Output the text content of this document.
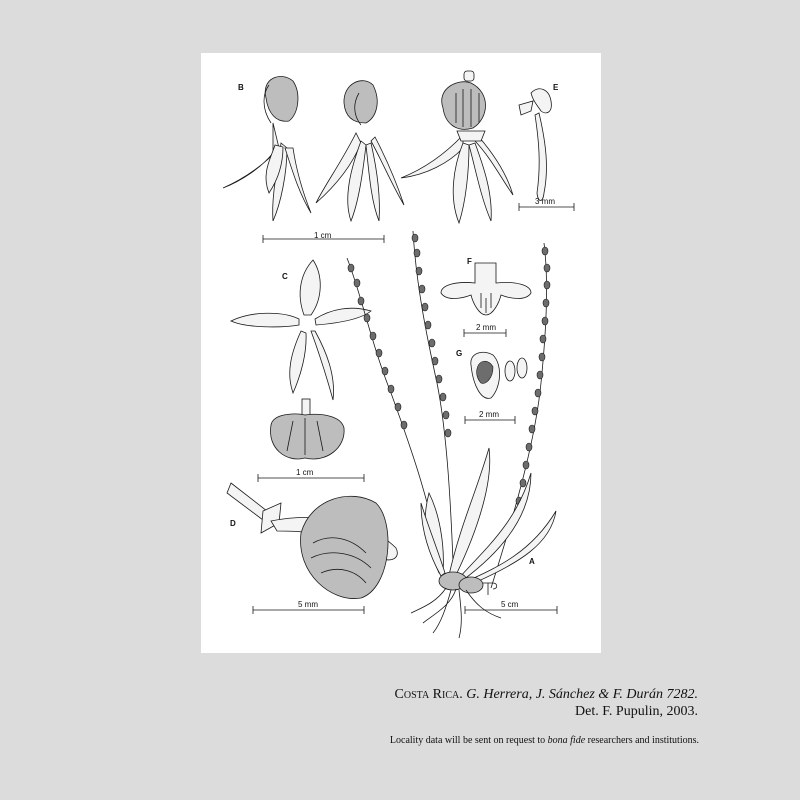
B	E
C
F
G
D
A
1 cm
3 mm
2 mm
2 mm
1 cm
5 mm	5 cm
Costa Rica. G. Herrera, J. Sánchez & F. Durán 7282.
Det. F. Pupulin, 2003.
Locality data will be sent on request to bona fide researchers and institutions.
